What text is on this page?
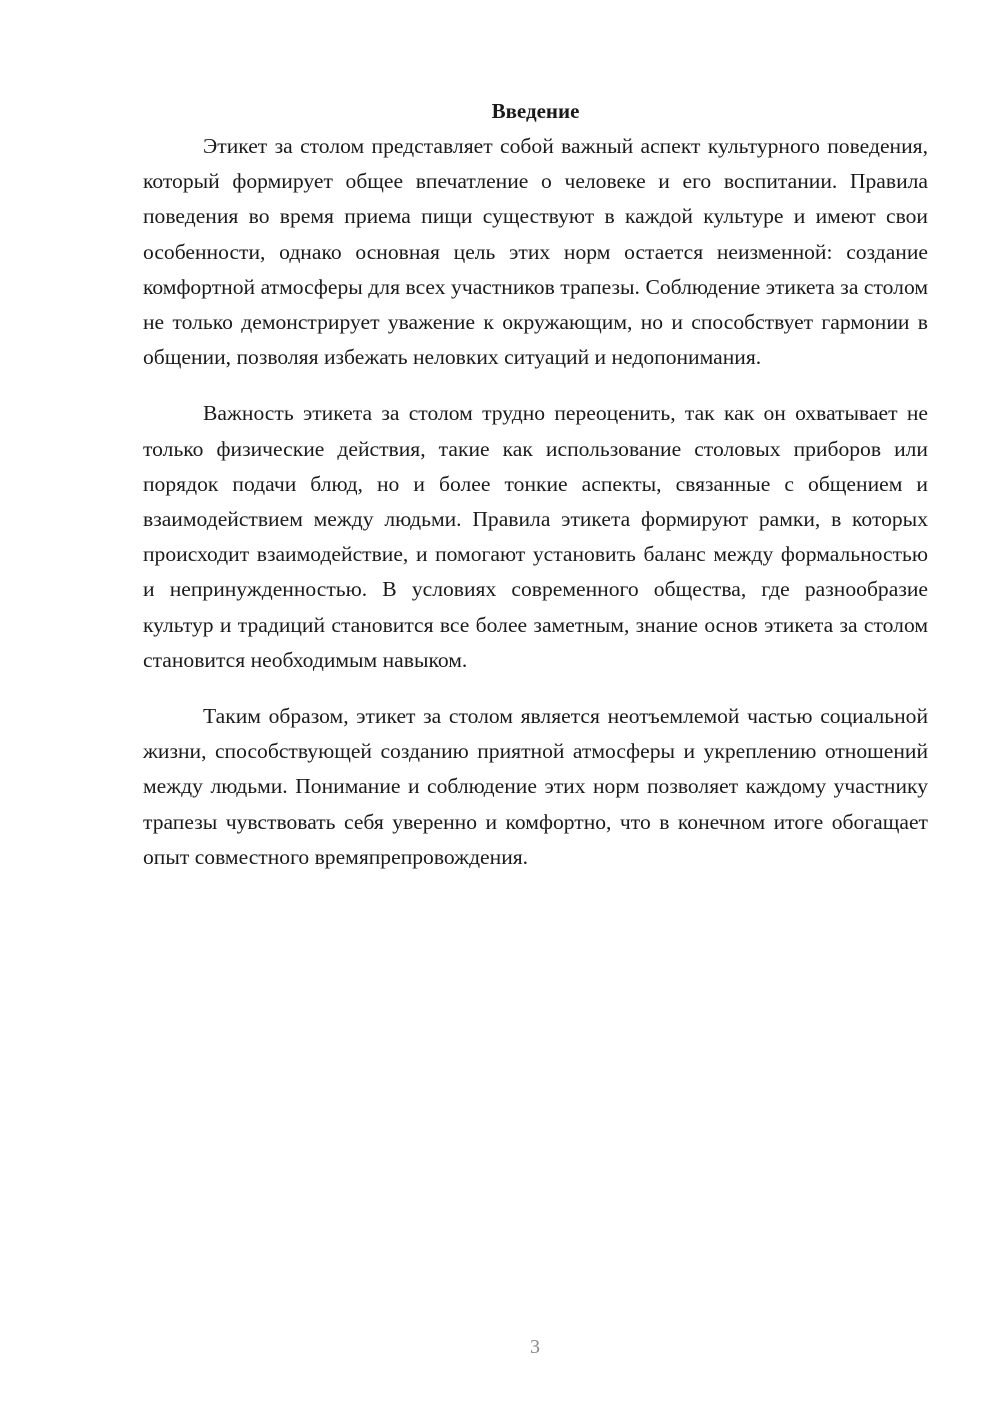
Введение

Этикет за столом представляет собой важный аспект культурного поведения, который формирует общее впечатление о человеке и его воспитании. Правила поведения во время приема пищи существуют в каждой культуре и имеют свои особенности, однако основная цель этих норм остается неизменной: создание комфортной атмосферы для всех участников трапезы. Соблюдение этикета за столом не только демонстрирует уважение к окружающим, но и способствует гармонии в общении, позволяя избежать неловких ситуаций и недопонимания.

Важность этикета за столом трудно переоценить, так как он охватывает не только физические действия, такие как использование столовых приборов или порядок подачи блюд, но и более тонкие аспекты, связанные с общением и взаимодействием между людьми. Правила этикета формируют рамки, в которых происходит взаимодействие, и помогают установить баланс между формальностью и непринужденностью. В условиях современного общества, где разнообразие культур и традиций становится все более заметным, знание основ этикета за столом становится необходимым навыком.

Таким образом, этикет за столом является неотъемлемой частью социальной жизни, способствующей созданию приятной атмосферы и укреплению отношений между людьми. Понимание и соблюдение этих норм позволяет каждому участнику трапезы чувствовать себя уверенно и комфортно, что в конечном итоге обогащает опыт совместного времяпрепровождения.

3
